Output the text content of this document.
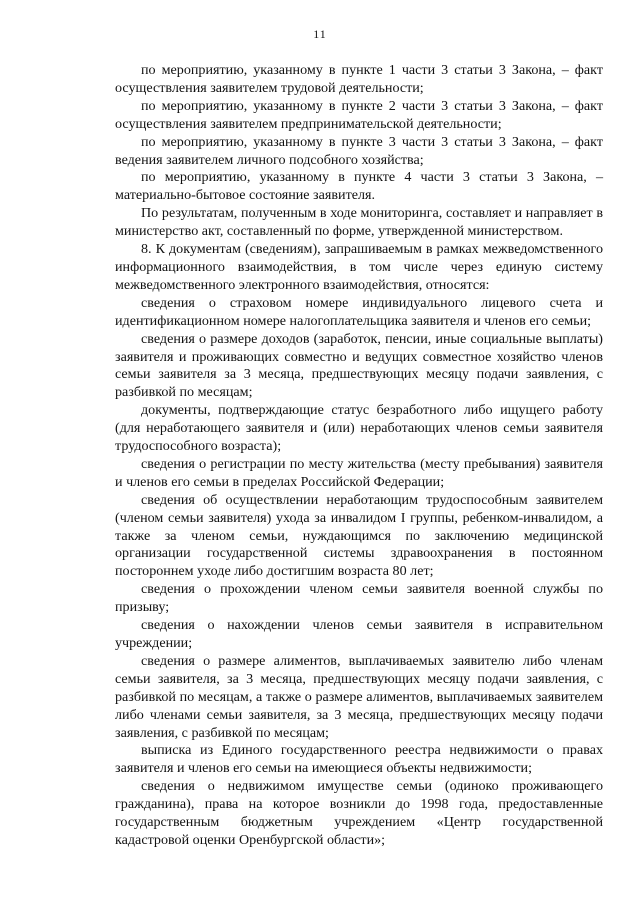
11

по мероприятию, указанному в пункте 1 части 3 статьи 3 Закона, – факт осуществления заявителем трудовой деятельности;

по мероприятию, указанному в пункте 2 части 3 статьи 3 Закона, – факт осуществления заявителем предпринимательской деятельности;

по мероприятию, указанному в пункте 3 части 3 статьи 3 Закона, – факт ведения заявителем личного подсобного хозяйства;

по мероприятию, указанному в пункте 4 части 3 статьи 3 Закона, – материально-бытовое состояние заявителя.

По результатам, полученным в ходе мониторинга, составляет и направляет в министерство акт, составленный по форме, утвержденной министерством.

8. К документам (сведениям), запрашиваемым в рамках межведомственного информационного взаимодействия, в том числе через единую систему межведомственного электронного взаимодействия, относятся:

сведения о страховом номере индивидуального лицевого счета и идентификационном номере налогоплательщика заявителя и членов его семьи;

сведения о размере доходов (заработок, пенсии, иные социальные выплаты) заявителя и проживающих совместно и ведущих совместное хозяйство членов семьи заявителя за 3 месяца, предшествующих месяцу подачи заявления, с разбивкой по месяцам;

документы, подтверждающие статус безработного либо ищущего работу (для неработающего заявителя и (или) неработающих членов семьи заявителя трудоспособного возраста);

сведения о регистрации по месту жительства (месту пребывания) заявителя и членов его семьи в пределах Российской Федерации;

сведения об осуществлении неработающим трудоспособным заявителем (членом семьи заявителя) ухода за инвалидом I группы, ребенком-инвалидом, а также за членом семьи, нуждающимся по заключению медицинской организации государственной системы здравоохранения в постоянном постороннем уходе либо достигшим возраста 80 лет;

сведения о прохождении членом семьи заявителя военной службы по призыву;

сведения о нахождении членов семьи заявителя в исправительном учреждении;

сведения о размере алиментов, выплачиваемых заявителю либо членам семьи заявителя, за 3 месяца, предшествующих месяцу подачи заявления, с разбивкой по месяцам, а также о размере алиментов, выплачиваемых заявителем либо членами семьи заявителя, за 3 месяца, предшествующих месяцу подачи заявления, с разбивкой по месяцам;

выписка из Единого государственного реестра недвижимости о правах заявителя и членов его семьи на имеющиеся объекты недвижимости;

сведения о недвижимом имуществе семьи (одиноко проживающего гражданина), права на которое возникли до 1998 года, предоставленные государственным бюджетным учреждением «Центр государственной кадастровой оценки Оренбургской области»;
